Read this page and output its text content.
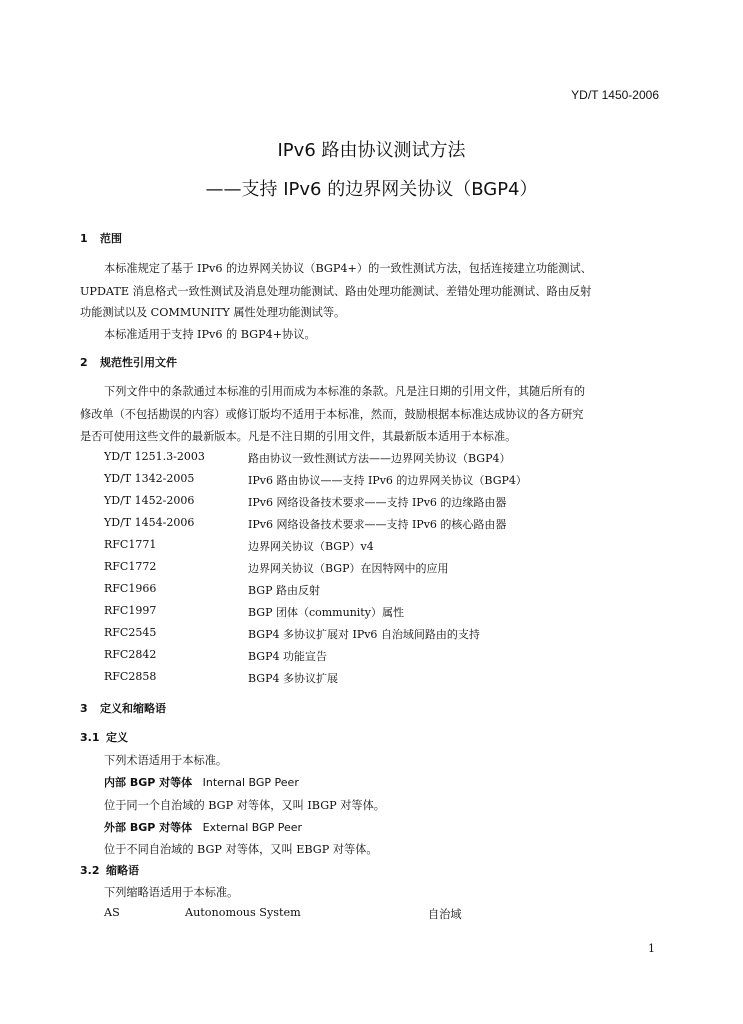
YD/T 1450-2006
IPv6 路由协议测试方法
——支持 IPv6 的边界网关协议（BGP4）
1 范围
本标准规定了基于 IPv6 的边界网关协议（BGP4+）的一致性测试方法，包括连接建立功能测试、
UPDATE 消息格式一致性测试及消息处理功能测试、路由处理功能测试、差错处理功能测试、路由反射
功能测试以及 COMMUNITY 属性处理功能测试等。
本标准适用于支持 IPv6 的 BGP4+协议。
2 规范性引用文件
下列文件中的条款通过本标准的引用而成为本标准的条款。凡是注日期的引用文件，其随后所有的
修改单（不包括勘误的内容）或修订版均不适用于本标准，然而，鼓励根据本标准达成协议的各方研究
是否可使用这些文件的最新版本。凡是不注日期的引用文件，其最新版本适用于本标准。
YD/T 1251.3-2003	路由协议一致性测试方法——边界网关协议（BGP4）
YD/T 1342-2005	IPv6 路由协议——支持 IPv6 的边界网关协议（BGP4）
YD/T 1452-2006	IPv6 网络设备技术要求——支持 IPv6 的边缘路由器
YD/T 1454-2006	IPv6 网络设备技术要求——支持 IPv6 的核心路由器
RFC1771	边界网关协议（BGP）v4
RFC1772	边界网关协议（BGP）在因特网中的应用
RFC1966	BGP 路由反射
RFC1997	BGP 团体（community）属性
RFC2545	BGP4 多协议扩展对 IPv6 自治域间路由的支持
RFC2842	BGP4 功能宣告
RFC2858	BGP4 多协议扩展
3 定义和缩略语
3.1 定义
下列术语适用于本标准。
内部 BGP 对等体 Internal BGP Peer
位于同一个自治域的 BGP 对等体，又叫 IBGP 对等体。
外部 BGP 对等体 External BGP Peer
位于不同自治域的 BGP 对等体，又叫 EBGP 对等体。
3.2 缩略语
下列缩略语适用于本标准。
AS	Autonomous System	自治域
1
